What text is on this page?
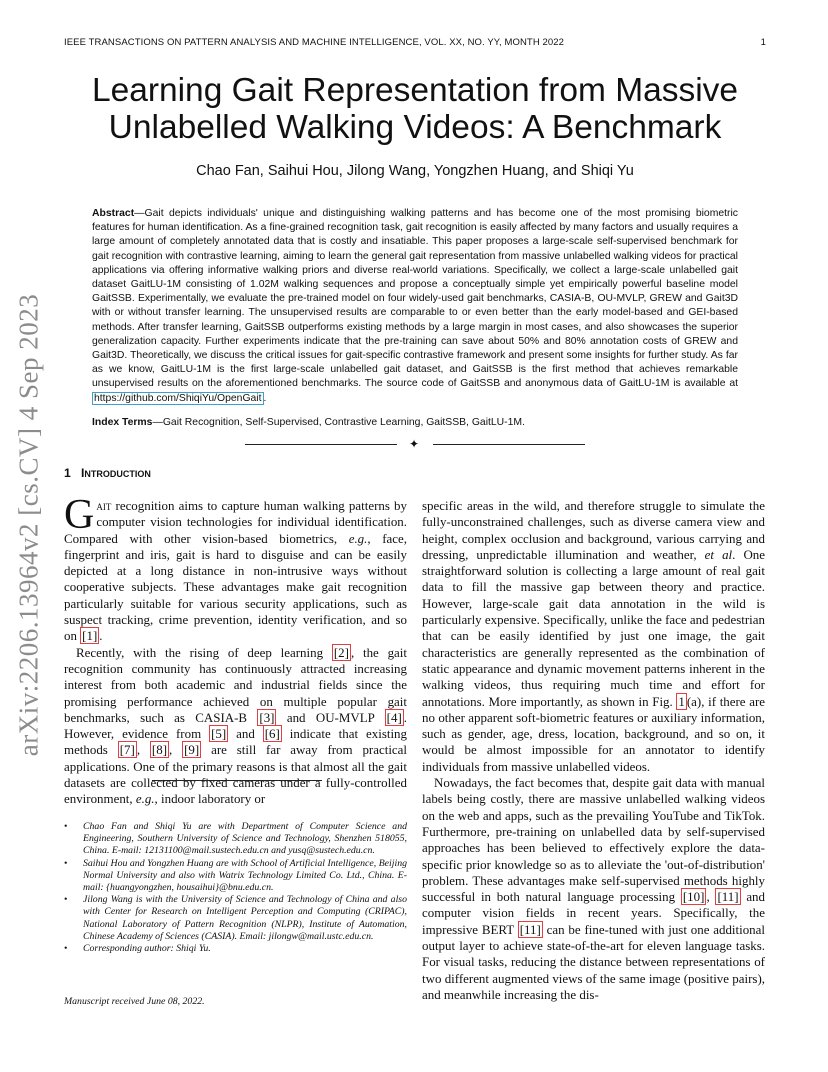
IEEE TRANSACTIONS ON PATTERN ANALYSIS AND MACHINE INTELLIGENCE, VOL. XX, NO. YY, MONTH 2022	1
arXiv:2206.13964v2 [cs.CV] 4 Sep 2023
Learning Gait Representation from Massive
Unlabelled Walking Videos: A Benchmark
Chao Fan, Saihui Hou, Jilong Wang, Yongzhen Huang, and Shiqi Yu
Abstract—Gait depicts individuals' unique and distinguishing walking patterns and has become one of the most promising biometric features for human identification. As a fine-grained recognition task, gait recognition is easily affected by many factors and usually requires a large amount of completely annotated data that is costly and insatiable. This paper proposes a large-scale self-supervised benchmark for gait recognition with contrastive learning, aiming to learn the general gait representation from massive unlabelled walking videos for practical applications via offering informative walking priors and diverse real-world variations. Specifically, we collect a large-scale unlabelled gait dataset GaitLU-1M consisting of 1.02M walking sequences and propose a conceptually simple yet empirically powerful baseline model GaitSSB. Experimentally, we evaluate the pre-trained model on four widely-used gait benchmarks, CASIA-B, OU-MVLP, GREW and Gait3D with or without transfer learning. The unsupervised results are comparable to or even better than the early model-based and GEI-based methods. After transfer learning, GaitSSB outperforms existing methods by a large margin in most cases, and also showcases the superior generalization capacity. Further experiments indicate that the pre-training can save about 50% and 80% annotation costs of GREW and Gait3D. Theoretically, we discuss the critical issues for gait-specific contrastive framework and present some insights for further study. As far as we know, GaitLU-1M is the first large-scale unlabelled gait dataset, and GaitSSB is the first method that achieves remarkable unsupervised results on the aforementioned benchmarks. The source code of GaitSSB and anonymous data of GaitLU-1M is available at https://github.com/ShiqiYu/OpenGait .
Index Terms—Gait Recognition, Self-Supervised, Contrastive Learning, GaitSSB, GaitLU-1M.
✦
1 Introduction

Gait recognition aims to capture human walking patterns by computer vision technologies for individual identification. Compared with other vision-based biometrics, e.g., face, fingerprint and iris, gait is hard to disguise and can be easily depicted at a long distance in non-intrusive ways without cooperative subjects. These advantages make gait recognition particularly suitable for various security applications, such as suspect tracking, crime prevention, identity verification, and so on [1] .

Recently, with the rising of deep learning [2] , the gait recognition community has continuously attracted increasing interest from both academic and industrial fields since the promising performance achieved on multiple popular gait benchmarks, such as CASIA-B [3] and OU-MVLP [4] . However, evidence from [5] and [6] indicate that existing methods [7] , [8] , [9] are still far away from practical applications. One of the primary reasons is that almost all the gait datasets are collected by fixed cameras under a fully-controlled environment, e.g., indoor laboratory or

• Chao Fan and Shiqi Yu are with Department of Computer Science and Engineering, Southern University of Science and Technology, Shenzhen 518055, China. E-mail: 12131100@mail.sustech.edu.cn and yusq@sustech.edu.cn.
• Saihui Hou and Yongzhen Huang are with School of Artificial Intelligence, Beijing Normal University and also with Watrix Technology Limited Co. Ltd., China. E-mail: {huangyongzhen, housaihui}@bnu.edu.cn.
• Jilong Wang is with the University of Science and Technology of China and also with Center for Research on Intelligent Perception and Computing (CRIPAC), National Laboratory of Pattern Recognition (NLPR), Institute of Automation, Chinese Academy of Sciences (CASIA). Email: jilongw@mail.ustc.edu.cn.
• Corresponding author: Shiqi Yu.
Manuscript received June 08, 2022.

specific areas in the wild, and therefore struggle to simulate the fully-unconstrained challenges, such as diverse camera view and height, complex occlusion and background, various carrying and dressing, unpredictable illumination and weather, et al. One straightforward solution is collecting a large amount of real gait data to fill the massive gap between theory and practice. However, large-scale gait data annotation in the wild is particularly expensive. Specifically, unlike the face and pedestrian that can be easily identified by just one image, the gait characteristics are generally represented as the combination of static appearance and dynamic movement patterns inherent in the walking videos, thus requiring much time and effort for annotations. More importantly, as shown in Fig. 1 (a), if there are no other apparent soft-biometric features or auxiliary information, such as gender, age, dress, location, background, and so on, it would be almost impossible for an annotator to identify individuals from massive unlabelled videos.

Nowadays, the fact becomes that, despite gait data with manual labels being costly, there are massive unlabelled walking videos on the web and apps, such as the prevailing YouTube and TikTok. Furthermore, pre-training on unlabelled data by self-supervised approaches has been believed to effectively explore the data-specific prior knowledge so as to alleviate the 'out-of-distribution' problem. These advantages make self-supervised methods highly successful in both natural language processing [10] , [11] and computer vision fields in recent years. Specifically, the impressive BERT [11] can be fine-tuned with just one additional output layer to achieve state-of-the-art for eleven language tasks. For visual tasks, reducing the distance between representations of two different augmented views of the same image (positive pairs), and meanwhile increasing the dis-
